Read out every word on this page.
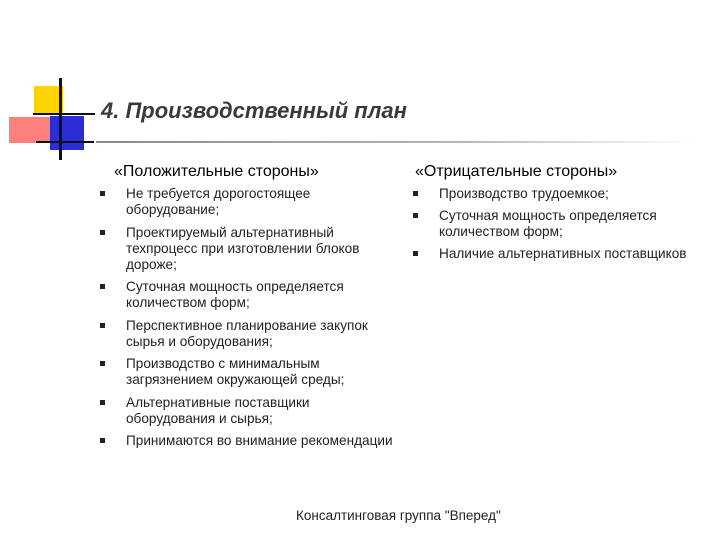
4. Производственный план
«Положительные стороны»	«Отрицательные стороны»
Не требуется дорогостоящее оборудование;
Проектируемый альтернативный техпроцесс при изготовлении блоков дороже;
Суточная мощность определяется количеством форм;
Перспективное планирование закупок сырья и оборудования;
Производство с минимальным загрязнением окружающей среды;
Альтернативные поставщики оборудования и сырья;
Принимаются во внимание рекомендации
Производство трудоемкое;
Суточная мощность определяется количеством форм;
Наличие альтернативных поставщиков
Консалтинговая группа "Вперед"
